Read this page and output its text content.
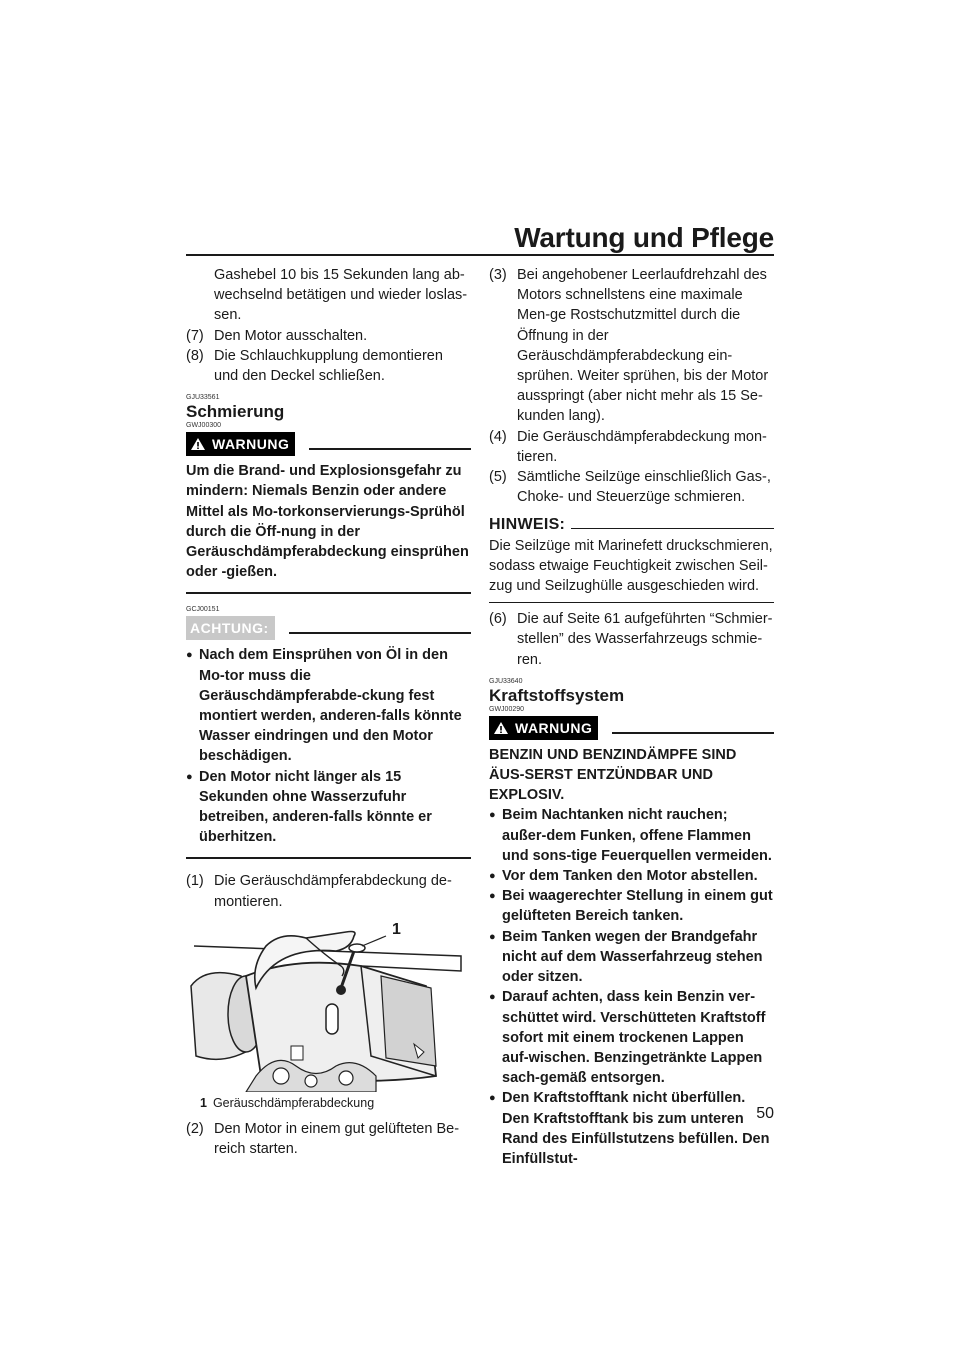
Wartung und Pflege

Gashebel 10 bis 15 Sekunden lang ab-wechselnd betätigen und wieder loslas-sen.

(7) Den Motor ausschalten.
(8) Die Schlauchkupplung demontieren und den Deckel schließen.
GJU33561
Schmierung
GWJ00300
WARNUNG

Um die Brand- und Explosionsgefahr zu mindern: Niemals Benzin oder andere Mittel als Mo-torkonservierungs-Sprühöl durch die Öff-nung in der Geräuschdämpferabdeckung einsprühen oder -gießen.

GCJ00151
ACHTUNG:
● Nach dem Einsprühen von Öl in den Mo-tor muss die Geräuschdämpferabde-ckung fest montiert werden, anderen-falls könnte Wasser eindringen und den Motor beschädigen.
● Den Motor nicht länger als 15 Sekunden ohne Wasserzufuhr betreiben, anderen-falls könnte er überhitzen.
(1) Die Geräuschdämpferabdeckung de-montieren.
1
1 Geräuschdämpferabdeckung
(2) Den Motor in einem gut gelüfteten Be-reich starten.
(3) Bei angehobener Leerlaufdrehzahl des Motors schnellstens eine maximale Men-ge Rostschutzmittel durch die Öffnung in der Geräuschdämpferabdeckung ein-sprühen. Weiter sprühen, bis der Motor ausspringt (aber nicht mehr als 15 Se-kunden lang).
(4) Die Geräuschdämpferabdeckung mon-tieren.
(5) Sämtliche Seilzüge einschließlich Gas-, Choke- und Steuerzüge schmieren.
HINWEIS:

Die Seilzüge mit Marinefett druckschmieren, sodass etwaige Feuchtigkeit zwischen Seil-zug und Seilzughülle ausgeschieden wird.

(6) Die auf Seite 61 aufgeführten “Schmier-stellen” des Wasserfahrzeugs schmie-ren.
GJU33640
Kraftstoffsystem
GWJ00290
WARNUNG

BENZIN UND BENZINDÄMPFE SIND ÄUS-SERST ENTZÜNDBAR UND EXPLOSIV.

● Beim Nachtanken nicht rauchen; außer-dem Funken, offene Flammen und sons-tige Feuerquellen vermeiden.
● Vor dem Tanken den Motor abstellen.
● Bei waagerechter Stellung in einem gut gelüfteten Bereich tanken.
● Beim Tanken wegen der Brandgefahr nicht auf dem Wasserfahrzeug stehen oder sitzen.
● Darauf achten, dass kein Benzin ver-schüttet wird. Verschütteten Kraftstoff sofort mit einem trockenen Lappen auf-wischen. Benzingetränkte Lappen sach-gemäß entsorgen.
● Den Kraftstofftank nicht überfüllen. Den Kraftstofftank bis zum unteren Rand des Einfüllstutzens befüllen. Den Einfüllstut-
50
